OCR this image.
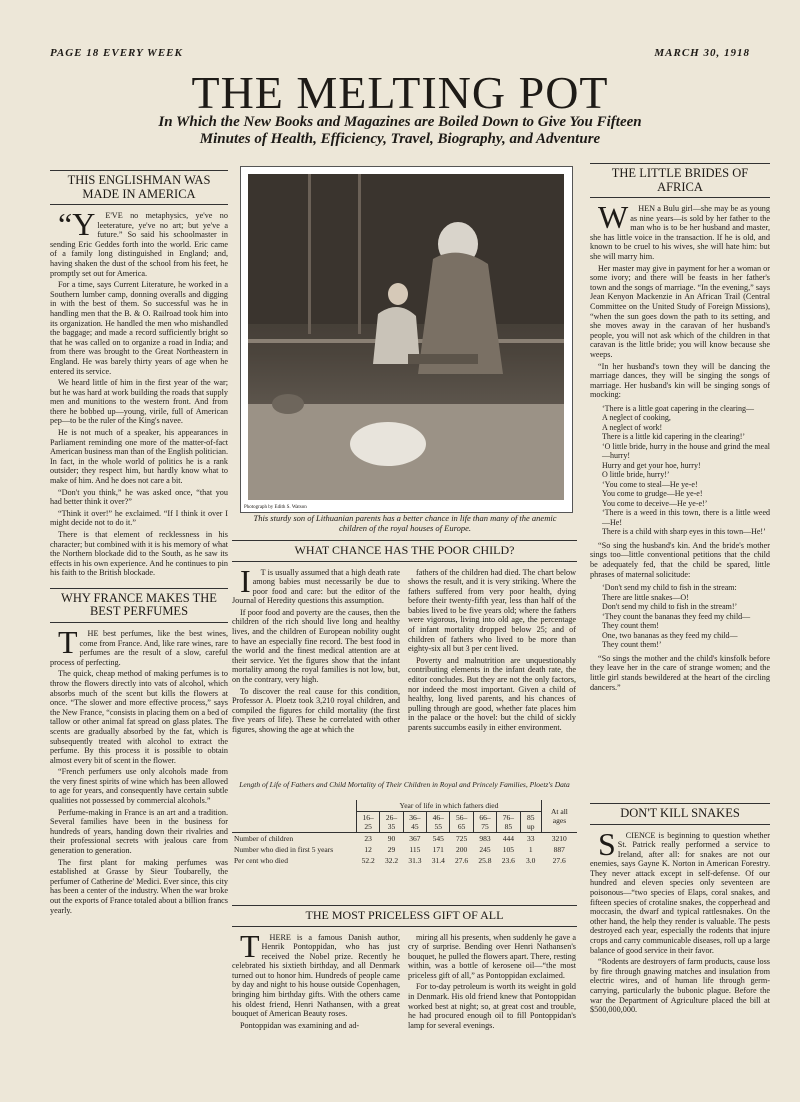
PAGE 18 EVERY WEEK	MARCH 30, 1918
THE MELTING POT
In Which the New Books and Magazines are Boiled Down to Give You Fifteen Minutes of Health, Efficiency, Travel, Biography, and Adventure
THIS ENGLISHMAN WAS MADE IN AMERICA

“YE'VE no metaphysics, ye've no leeterature, ye've no art; but ye've a future.” So said his schoolmaster in sending Eric Geddes forth into the world. Eric came of a family long distinguished in England; and, having shaken the dust of the school from his feet, he promptly set out for America.

For a time, says Current Literature, he worked in a Southern lumber camp, donning overalls and digging in with the best of them. So successful was he in handling men that the B. & O. Railroad took him into its organization. He handled the men who mishandled the baggage; and made a record sufficiently bright so that he was called on to organize a road in India; and from there was brought to the Great Northeastern in England. He was barely thirty years of age when he entered its service.

We heard little of him in the first year of the war; but he was hard at work building the roads that supply men and munitions to the western front. And from there he bobbed up—young, virile, full of American pep—to be the ruler of the King's navee.

He is not much of a speaker, his appearances in Parliament reminding one more of the matter-of-fact American business man than of the English politician. In fact, in the whole world of politics he is a rank outsider; they respect him, but hardly know what to make of him. And he does not care a bit.

“Don't you think,” he was asked once, “that you had better think it over?”

“Think it over!” he exclaimed. “If I think it over I might decide not to do it.”

There is that element of recklessness in his character; but combined with it is his memory of what the Northern blockade did to the South, as he saw its effects in his own experience. And he continues to pin his faith to the British blockade.

WHY FRANCE MAKES THE BEST PERFUMES

THE best perfumes, like the best wines, come from France. And, like rare wines, rare perfumes are the result of a slow, careful process of perfecting.

The quick, cheap method of making perfumes is to throw the flowers directly into vats of alcohol, which absorbs much of the scent but kills the flowers at once. “The slower and more effective process,” says the New France, “consists in placing them on a bed of tallow or other animal fat spread on glass plates. The scents are gradually absorbed by the fat, which is subsequently treated with alcohol to extract the perfume. By this process it is possible to obtain almost every bit of scent in the flower.

“French perfumers use only alcohols made from the very finest spirits of wine which has been allowed to age for years, and consequently have certain subtle qualities not possessed by commercial alcohols.”

Perfume-making in France is an art and a tradition. Several families have been in the business for hundreds of years, handing down their rivalries and their professional secrets with jealous care from generation to generation.

The first plant for making perfumes was established at Grasse by Sieur Toubarelly, the perfumer of Catherine de' Medici. Ever since, this city has been a center of the industry. When the war broke out the exports of France totaled about a billion francs yearly.

Photograph by Edith S. Watson
This sturdy son of Lithuanian parents has a better chance in life than many of the anemic children of the royal houses of Europe.
WHAT CHANCE HAS THE POOR CHILD?

IT is usually assumed that a high death rate among babies must necessarily be due to poor food and care: but the editor of the Journal of Heredity questions this assumption.

If poor food and poverty are the causes, then the children of the rich should live long and healthy lives, and the children of European nobility ought to have an especially fine record. The best food in the world and the finest medical attention are at their service. Yet the figures show that the infant mortality among the royal families is not low, but, on the contrary, very high.

To discover the real cause for this condition, Professor A. Ploetz took 3,210 royal children, and compiled the figures for child mortality (the first five years of life). These he correlated with other figures, showing the age at which the

fathers of the children had died. The chart below shows the result, and it is very striking. Where the fathers suffered from very poor health, dying before their twenty-fifth year, less than half of the babies lived to be five years old; where the fathers were vigorous, living into old age, the percentage of infant mortality dropped below 25; and of children of fathers who lived to be more than eighty-six all but 3 per cent lived.

Poverty and malnutrition are unquestionably contributing elements in the infant death rate, the editor concludes. But they are not the only factors, nor indeed the most important. Given a child of healthy, long lived parents, and his chances of pulling through are good, whether fate places him in the palace or the hovel: but the child of sickly parents succumbs easily in either environment.

Length of Life of Fathers and Child Mortality of Their Children in Royal and Princely Families, Ploetz's Data
	Year of life in which fathers died								At all ages
	16–25	26–35	36–45	46–55	56–65	66–75	76–85	85 up	
Number of children	23	90	367	545	725	983	444	33	3210
Number who died in first 5 years	12	29	115	171	200	245	105	1	887
Per cent who died	52.2	32.2	31.3	31.4	27.6	25.8	23.6	3.0	27.6
THE MOST PRICELESS GIFT OF ALL

THERE is a famous Danish author, Henrik Pontoppidan, who has just received the Nobel prize. Recently he celebrated his sixtieth birthday, and all Denmark turned out to honor him. Hundreds of people came by day and night to his house outside Copenhagen, bringing him birthday gifts. With the others came his oldest friend, Henri Nathansen, with a great bouquet of American Beauty roses.

Pontoppidan was examining and ad-

miring all his presents, when suddenly he gave a cry of surprise. Bending over Henri Nathansen's bouquet, he pulled the flowers apart. There, resting within, was a bottle of kerosene oil—“the most priceless gift of all,” as Pontoppidan exclaimed.

For to-day petroleum is worth its weight in gold in Denmark. His old friend knew that Pontoppidan worked best at night; so, at great cost and trouble, he had procured enough oil to fill Pontoppidan's lamp for several evenings.

THE LITTLE BRIDES OF AFRICA

WHEN a Bulu girl—she may be as young as nine years—is sold by her father to the man who is to be her husband and master, she has little voice in the transaction. If he is old, and known to be cruel to his wives, she will hate him: but she will marry him.

Her master may give in payment for her a woman or some ivory; and there will be feasts in her father's town and the songs of marriage. “In the evening,” says Jean Kenyon Mackenzie in An African Trail (Central Committee on the United Study of Foreign Missions), “when the sun goes down the path to its setting, and she moves away in the caravan of her husband's people, you will not ask which of the children in that caravan is the little bride; you will know because she weeps.

“In her husband's town they will be dancing the marriage dances, they will be singing the songs of marriage. Her husband's kin will be singing songs of mocking:

‘There is a little goat capering in the clearing—
A neglect of cooking,
A neglect of work!
There is a little kid capering in the clearing!’
‘O little bride, hurry in the house and grind the meal—hurry!
Hurry and get your hoe, hurry!
O little bride, hurry!’
‘You come to steal—He ye-e!
You come to grudge—He ye-e!
You come to deceive—He ye-e!’
‘There is a weed in this town, there is a little weed—He!
There is a child with sharp eyes in this town—He!’

“So sing the husband's kin. And the bride's mother sings too—little conventional petitions that the child be adequately fed, that the child be spared, little phrases of maternal solicitude:

‘Don't send my child to fish in the stream:
There are little snakes—O!
Don't send my child to fish in the stream!’
‘They count the bananas they feed my child—
They count them!
One, two bananas as they feed my child—
They count them!’

“So sings the mother and the child's kinsfolk before they leave her in the care of strange women; and the little girl stands bewildered at the heart of the circling dancers.”

DON'T KILL SNAKES

SCIENCE is beginning to question whether St. Patrick really performed a service to Ireland, after all: for snakes are not our enemies, says Gayne K. Norton in American Forestry. They never attack except in self-defense. Of our hundred and eleven species only seventeen are poisonous—“two species of Elaps, coral snakes, and fifteen species of crotaline snakes, the copperhead and moccasin, the dwarf and typical rattlesnakes. On the other hand, the help they render is valuable. The pests destroyed each year, especially the rodents that injure crops and carry communicable diseases, roll up a large balance of good service in their favor.

“Rodents are destroyers of farm products, cause loss by fire through gnawing matches and insulation from electric wires, and of human life through germ-carrying, particularly the bubonic plague. Before the war the Department of Agriculture placed the bill at $500,000,000.
